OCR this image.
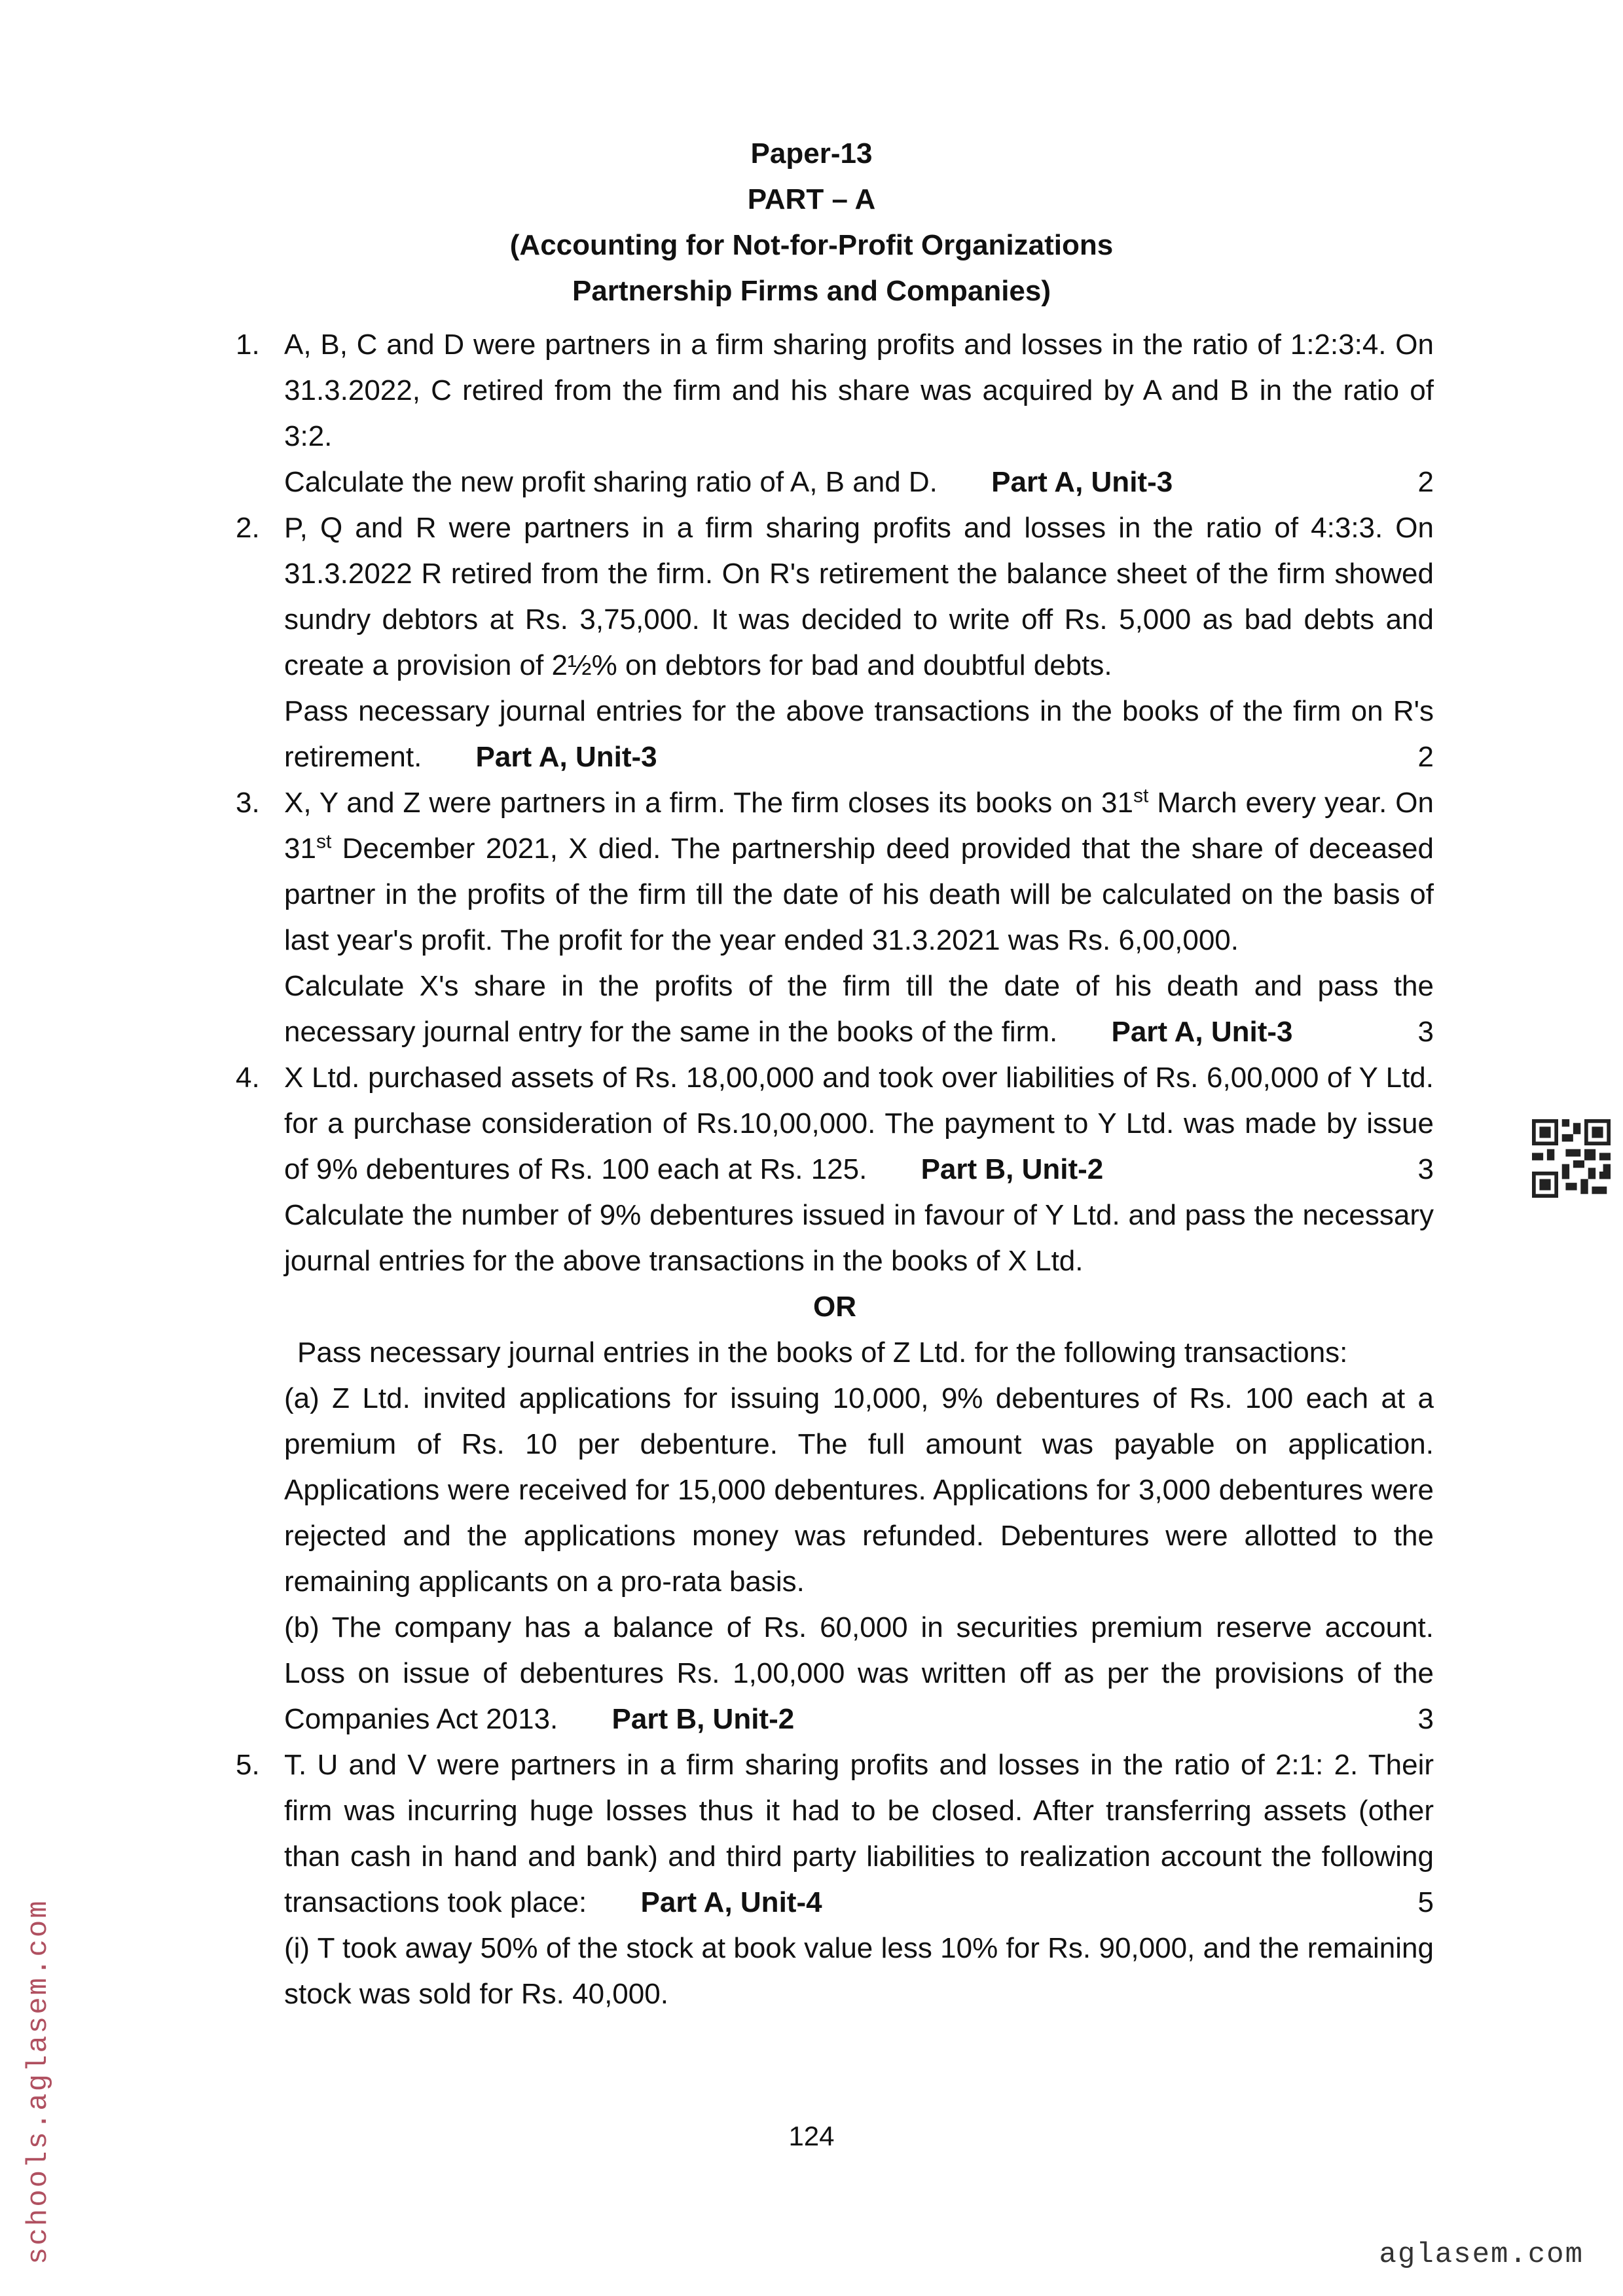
Paper-13
PART – A
(Accounting for Not-for-Profit Organizations
Partnership Firms and Companies)
1. A, B, C and D were partners in a firm sharing profits and losses in the ratio of 1:2:3:4. On 31.3.2022, C retired from the firm and his share was acquired by A and B in the ratio of 3:2.
Calculate the new profit sharing ratio of A, B and D. Part A, Unit-3	2
2. P, Q and R were partners in a firm sharing profits and losses in the ratio of 4:3:3. On 31.3.2022 R retired from the firm. On R's retirement the balance sheet of the firm showed sundry debtors at Rs. 3,75,000. It was decided to write off Rs. 5,000 as bad debts and create a provision of 2½% on debtors for bad and doubtful debts.
Pass necessary journal entries for the above transactions in the books of the firm on R's retirement. Part A, Unit-3	2
3. X, Y and Z were partners in a firm. The firm closes its books on 31st March every year. On 31st December 2021, X died. The partnership deed provided that the share of deceased partner in the profits of the firm till the date of his death will be calculated on the basis of last year's profit. The profit for the year ended 31.3.2021 was Rs. 6,00,000.
Calculate X's share in the profits of the firm till the date of his death and pass the necessary journal entry for the same in the books of the firm. Part A, Unit-3	3
4. X Ltd. purchased assets of Rs. 18,00,000 and took over liabilities of Rs. 6,00,000 of Y Ltd. for a purchase consideration of Rs.10,00,000. The payment to Y Ltd. was made by issue of 9% debentures of Rs. 100 each at Rs. 125. Part B, Unit-2	3
Calculate the number of 9% debentures issued in favour of Y Ltd. and pass the necessary journal entries for the above transactions in the books of X Ltd.
OR
Pass necessary journal entries in the books of Z Ltd. for the following transactions:
(a) Z Ltd. invited applications for issuing 10,000, 9% debentures of Rs. 100 each at a premium of Rs. 10 per debenture. The full amount was payable on application. Applications were received for 15,000 debentures. Applications for 3,000 debentures were rejected and the applications money was refunded. Debentures were allotted to the remaining applicants on a pro-rata basis.
(b) The company has a balance of Rs. 60,000 in securities premium reserve account. Loss on issue of debentures Rs. 1,00,000 was written off as per the provisions of the Companies Act 2013. Part B, Unit-2	3
5. T. U and V were partners in a firm sharing profits and losses in the ratio of 2:1: 2. Their firm was incurring huge losses thus it had to be closed. After transferring assets (other than cash in hand and bank) and third party liabilities to realization account the following transactions took place: Part A, Unit-4	5
(i) T took away 50% of the stock at book value less 10% for Rs. 90,000, and the remaining stock was sold for Rs. 40,000.
124
schools.aglasem.com	aglasem.com
